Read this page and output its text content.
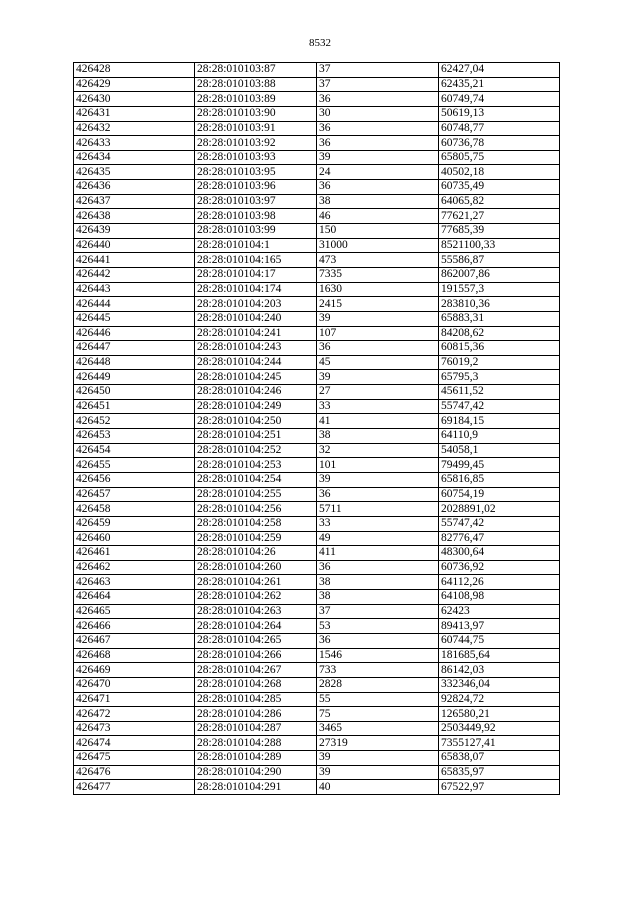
8532
426428	28:28:010103:87	37	62427,04
426429	28:28:010103:88	37	62435,21
426430	28:28:010103:89	36	60749,74
426431	28:28:010103:90	30	50619,13
426432	28:28:010103:91	36	60748,77
426433	28:28:010103:92	36	60736,78
426434	28:28:010103:93	39	65805,75
426435	28:28:010103:95	24	40502,18
426436	28:28:010103:96	36	60735,49
426437	28:28:010103:97	38	64065,82
426438	28:28:010103:98	46	77621,27
426439	28:28:010103:99	150	77685,39
426440	28:28:010104:1	31000	8521100,33
426441	28:28:010104:165	473	55586,87
426442	28:28:010104:17	7335	862007,86
426443	28:28:010104:174	1630	191557,3
426444	28:28:010104:203	2415	283810,36
426445	28:28:010104:240	39	65883,31
426446	28:28:010104:241	107	84208,62
426447	28:28:010104:243	36	60815,36
426448	28:28:010104:244	45	76019,2
426449	28:28:010104:245	39	65795,3
426450	28:28:010104:246	27	45611,52
426451	28:28:010104:249	33	55747,42
426452	28:28:010104:250	41	69184,15
426453	28:28:010104:251	38	64110,9
426454	28:28:010104:252	32	54058,1
426455	28:28:010104:253	101	79499,45
426456	28:28:010104:254	39	65816,85
426457	28:28:010104:255	36	60754,19
426458	28:28:010104:256	5711	2028891,02
426459	28:28:010104:258	33	55747,42
426460	28:28:010104:259	49	82776,47
426461	28:28:010104:26	411	48300,64
426462	28:28:010104:260	36	60736,92
426463	28:28:010104:261	38	64112,26
426464	28:28:010104:262	38	64108,98
426465	28:28:010104:263	37	62423
426466	28:28:010104:264	53	89413,97
426467	28:28:010104:265	36	60744,75
426468	28:28:010104:266	1546	181685,64
426469	28:28:010104:267	733	86142,03
426470	28:28:010104:268	2828	332346,04
426471	28:28:010104:285	55	92824,72
426472	28:28:010104:286	75	126580,21
426473	28:28:010104:287	3465	2503449,92
426474	28:28:010104:288	27319	7355127,41
426475	28:28:010104:289	39	65838,07
426476	28:28:010104:290	39	65835,97
426477	28:28:010104:291	40	67522,97
